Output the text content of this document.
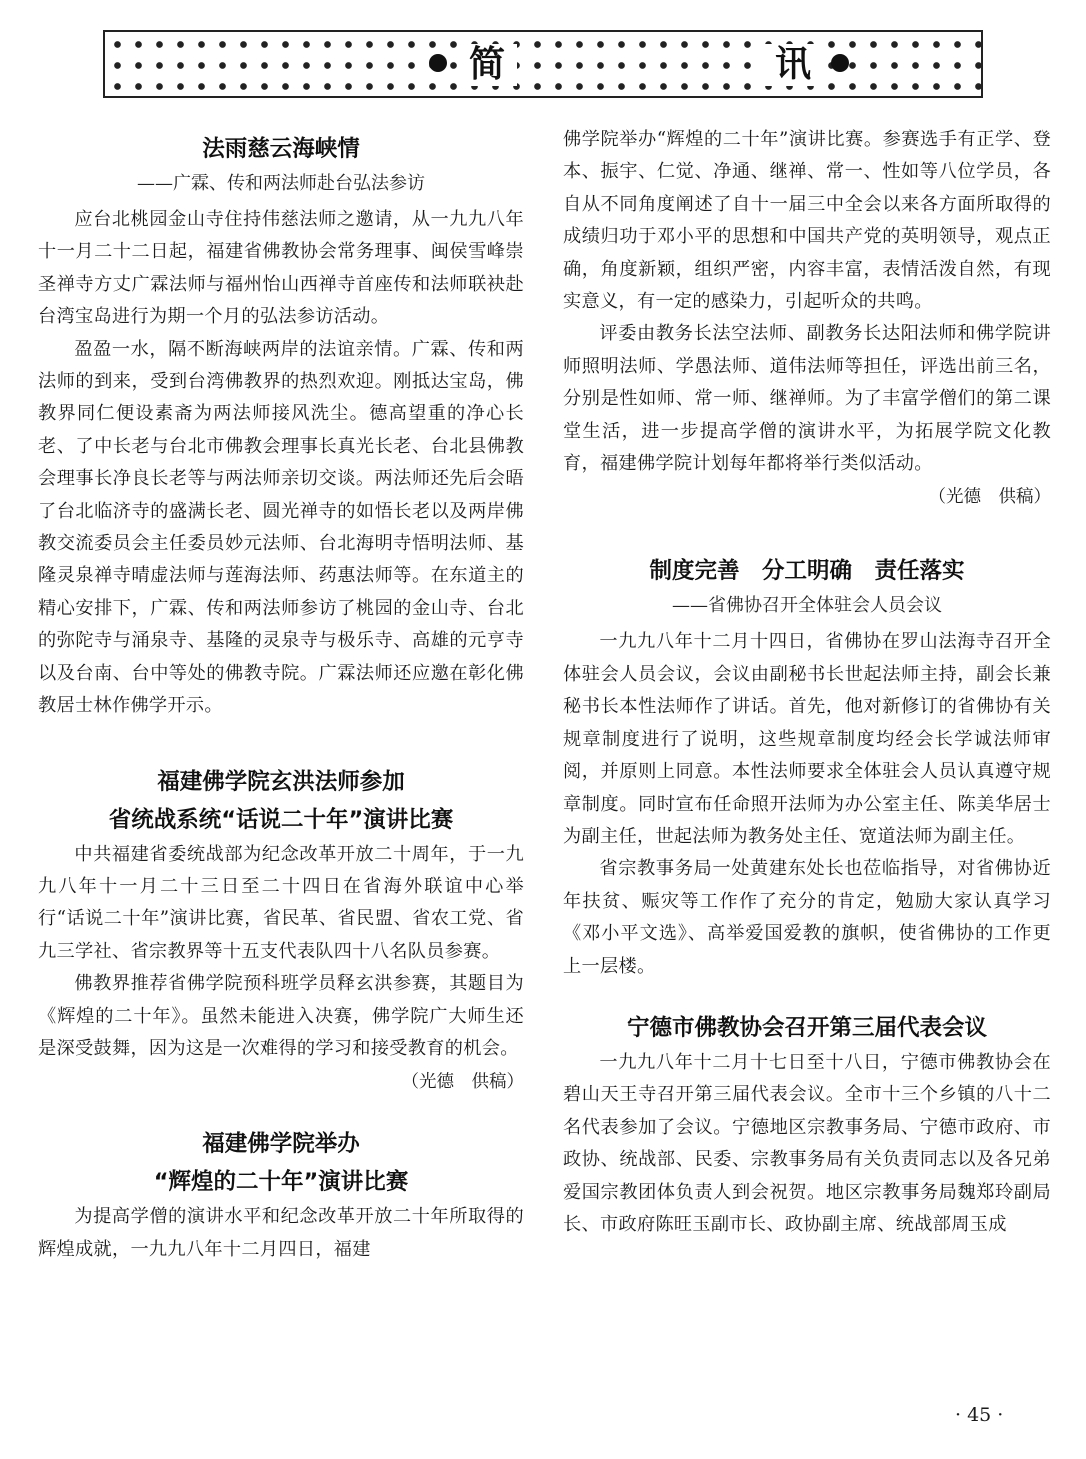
简	讯
法雨慈云海峡情

——广霖、传和两法师赴台弘法参访

应台北桃园金山寺住持伟慈法师之邀请，从一九九八年十一月二十二日起，福建省佛教协会常务理事、闽侯雪峰崇圣禅寺方丈广霖法师与福州怡山西禅寺首座传和法师联袂赴台湾宝岛进行为期一个月的弘法参访活动。

盈盈一水，隔不断海峡两岸的法谊亲情。广霖、传和两法师的到来，受到台湾佛教界的热烈欢迎。刚抵达宝岛，佛教界同仁便设素斋为两法师接风洗尘。德高望重的净心长老、了中长老与台北市佛教会理事长真光长老、台北县佛教会理事长净良长老等与两法师亲切交谈。两法师还先后会晤了台北临济寺的盛满长老、圆光禅寺的如悟长老以及两岸佛教交流委员会主任委员妙元法师、台北海明寺悟明法师、基隆灵泉禅寺晴虚法师与莲海法师、药惠法师等。在东道主的精心安排下，广霖、传和两法师参访了桃园的金山寺、台北的弥陀寺与涌泉寺、基隆的灵泉寺与极乐寺、高雄的元亨寺以及台南、台中等处的佛教寺院。广霖法师还应邀在彰化佛教居士林作佛学开示。

福建佛学院玄洪法师参加
省统战系统“话说二十年”演讲比赛

中共福建省委统战部为纪念改革开放二十周年，于一九九八年十一月二十三日至二十四日在省海外联谊中心举行“话说二十年”演讲比赛，省民革、省民盟、省农工党、省九三学社、省宗教界等十五支代表队四十八名队员参赛。

佛教界推荐省佛学院预科班学员释玄洪参赛，其题目为《辉煌的二十年》。虽然未能进入决赛，佛学院广大师生还是深受鼓舞，因为这是一次难得的学习和接受教育的机会。

（光德　供稿）

福建佛学院举办
“辉煌的二十年”演讲比赛

为提高学僧的演讲水平和纪念改革开放二十年所取得的辉煌成就，一九九八年十二月四日，福建

佛学院举办“辉煌的二十年”演讲比赛。参赛选手有正学、登本、振宇、仁觉、净通、继禅、常一、性如等八位学员，各自从不同角度阐述了自十一届三中全会以来各方面所取得的成绩归功于邓小平的思想和中国共产党的英明领导，观点正确，角度新颖，组织严密，内容丰富，表情活泼自然，有现实意义，有一定的感染力，引起听众的共鸣。

评委由教务长法空法师、副教务长达阳法师和佛学院讲师照明法师、学愚法师、道伟法师等担任，评选出前三名，分别是性如师、常一师、继禅师。为了丰富学僧们的第二课堂生活，进一步提高学僧的演讲水平，为拓展学院文化教育，福建佛学院计划每年都将举行类似活动。

（光德　供稿）

制度完善　分工明确　责任落实

——省佛协召开全体驻会人员会议

一九九八年十二月十四日，省佛协在罗山法海寺召开全体驻会人员会议，会议由副秘书长世起法师主持，副会长兼秘书长本性法师作了讲话。首先，他对新修订的省佛协有关规章制度进行了说明，这些规章制度均经会长学诚法师审阅，并原则上同意。本性法师要求全体驻会人员认真遵守规章制度。同时宣布任命照开法师为办公室主任、陈美华居士为副主任，世起法师为教务处主任、宽道法师为副主任。

省宗教事务局一处黄建东处长也莅临指导，对省佛协近年扶贫、赈灾等工作作了充分的肯定，勉励大家认真学习《邓小平文选》、高举爱国爱教的旗帜，使省佛协的工作更上一层楼。

宁德市佛教协会召开第三届代表会议

一九九八年十二月十七日至十八日，宁德市佛教协会在碧山天王寺召开第三届代表会议。全市十三个乡镇的八十二名代表参加了会议。宁德地区宗教事务局、宁德市政府、市政协、统战部、民委、宗教事务局有关负责同志以及各兄弟爱国宗教团体负责人到会祝贺。地区宗教事务局魏郑玲副局长、市政府陈旺玉副市长、政协副主席、统战部周玉成

· 45 ·
